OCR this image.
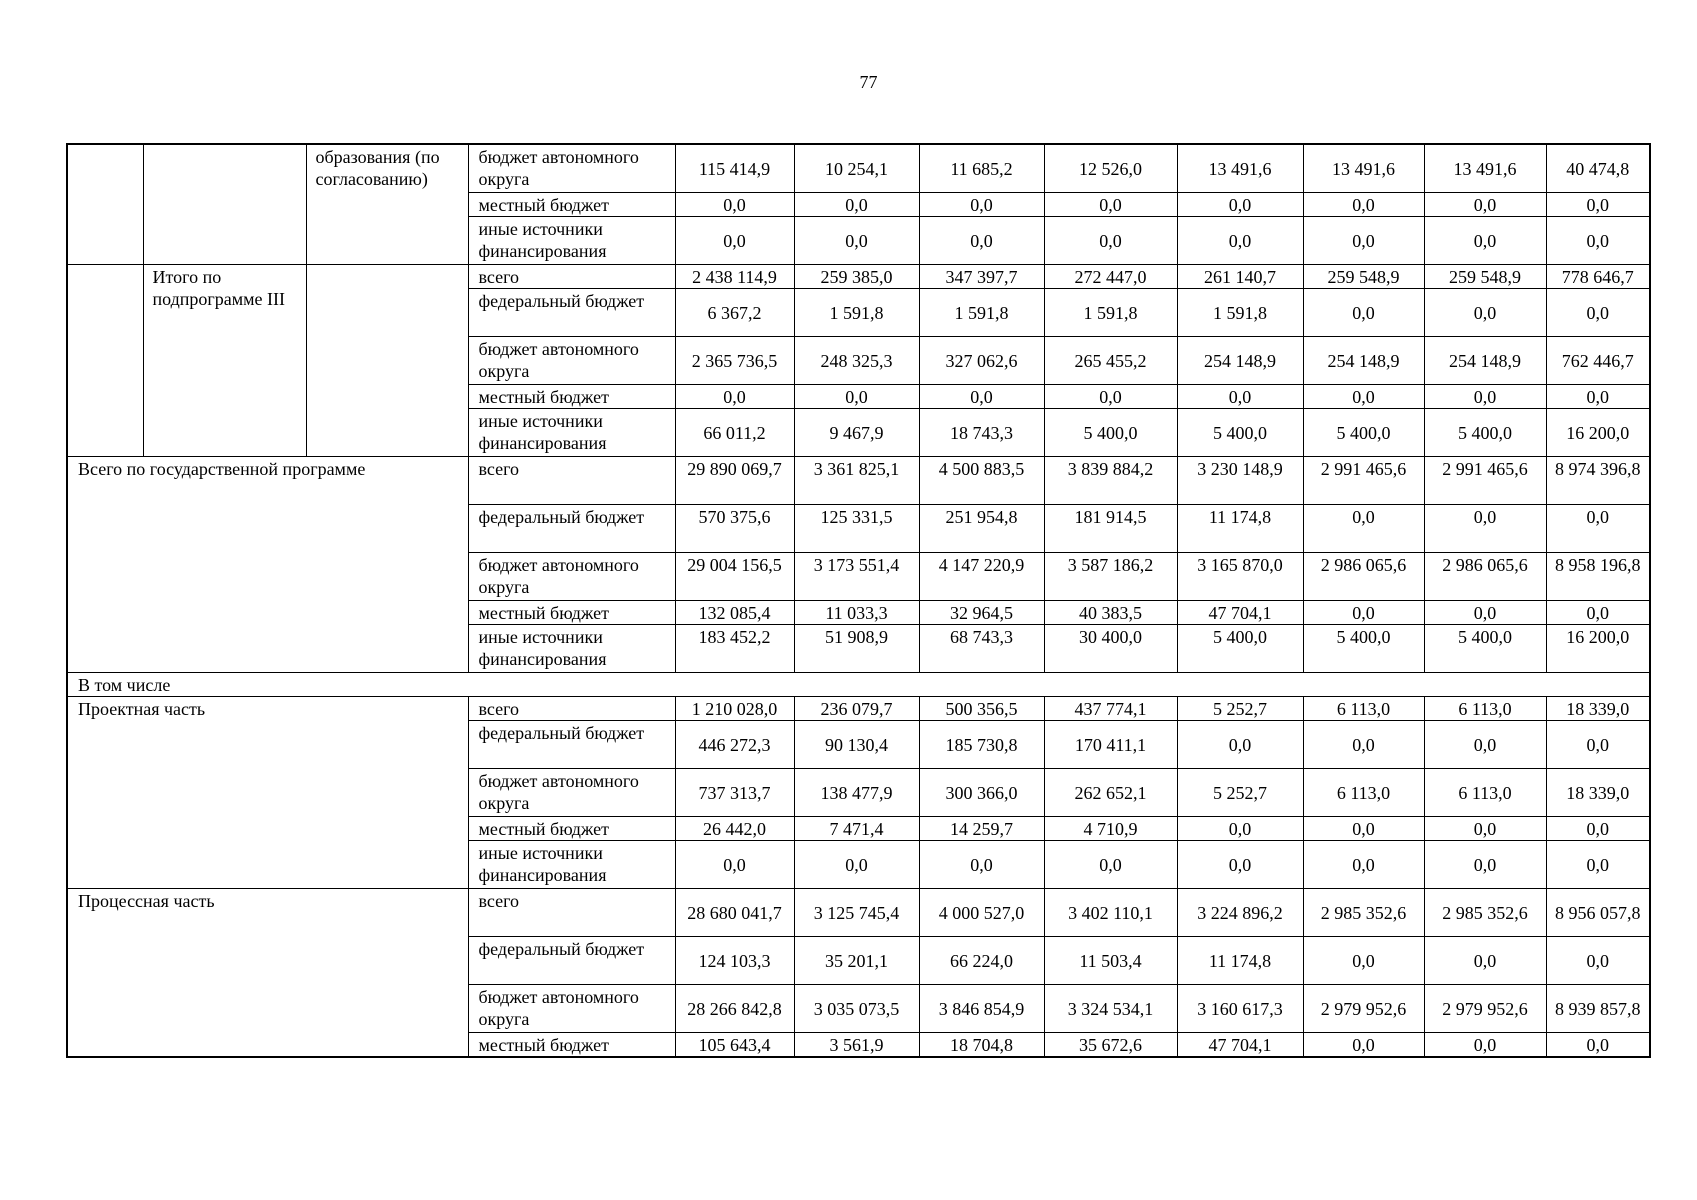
77
		образования (по согласованию)	бюджет автономного округа	115 414,9	10 254,1	11 685,2	12 526,0	13 491,6	13 491,6	13 491,6	40 474,8
			местный бюджет	0,0	0,0	0,0	0,0	0,0	0,0	0,0	0,0
			иные источники финансирования	0,0	0,0	0,0	0,0	0,0	0,0	0,0	0,0
	Итого по подпрограмме III		всего	2 438 114,9	259 385,0	347 397,7	272 447,0	261 140,7	259 548,9	259 548,9	778 646,7
			федеральный бюджет	6 367,2	1 591,8	1 591,8	1 591,8	1 591,8	0,0	0,0	0,0
			бюджет автономного округа	2 365 736,5	248 325,3	327 062,6	265 455,2	254 148,9	254 148,9	254 148,9	762 446,7
			местный бюджет	0,0	0,0	0,0	0,0	0,0	0,0	0,0	0,0
			иные источники финансирования	66 011,2	9 467,9	18 743,3	5 400,0	5 400,0	5 400,0	5 400,0	16 200,0
Всего по государственной программе			всего	29 890 069,7	3 361 825,1	4 500 883,5	3 839 884,2	3 230 148,9	2 991 465,6	2 991 465,6	8 974 396,8
			федеральный бюджет	570 375,6	125 331,5	251 954,8	181 914,5	11 174,8	0,0	0,0	0,0
			бюджет автономного округа	29 004 156,5	3 173 551,4	4 147 220,9	3 587 186,2	3 165 870,0	2 986 065,6	2 986 065,6	8 958 196,8
			местный бюджет	132 085,4	11 033,3	32 964,5	40 383,5	47 704,1	0,0	0,0	0,0
			иные источники финансирования	183 452,2	51 908,9	68 743,3	30 400,0	5 400,0	5 400,0	5 400,0	16 200,0
В том числе											
Проектная часть			всего	1 210 028,0	236 079,7	500 356,5	437 774,1	5 252,7	6 113,0	6 113,0	18 339,0
			федеральный бюджет	446 272,3	90 130,4	185 730,8	170 411,1	0,0	0,0	0,0	0,0
			бюджет автономного округа	737 313,7	138 477,9	300 366,0	262 652,1	5 252,7	6 113,0	6 113,0	18 339,0
			местный бюджет	26 442,0	7 471,4	14 259,7	4 710,9	0,0	0,0	0,0	0,0
			иные источники финансирования	0,0	0,0	0,0	0,0	0,0	0,0	0,0	0,0
Процессная часть			всего	28 680 041,7	3 125 745,4	4 000 527,0	3 402 110,1	3 224 896,2	2 985 352,6	2 985 352,6	8 956 057,8
			федеральный бюджет	124 103,3	35 201,1	66 224,0	11 503,4	11 174,8	0,0	0,0	0,0
			бюджет автономного округа	28 266 842,8	3 035 073,5	3 846 854,9	3 324 534,1	3 160 617,3	2 979 952,6	2 979 952,6	8 939 857,8
			местный бюджет	105 643,4	3 561,9	18 704,8	35 672,6	47 704,1	0,0	0,0	0,0
